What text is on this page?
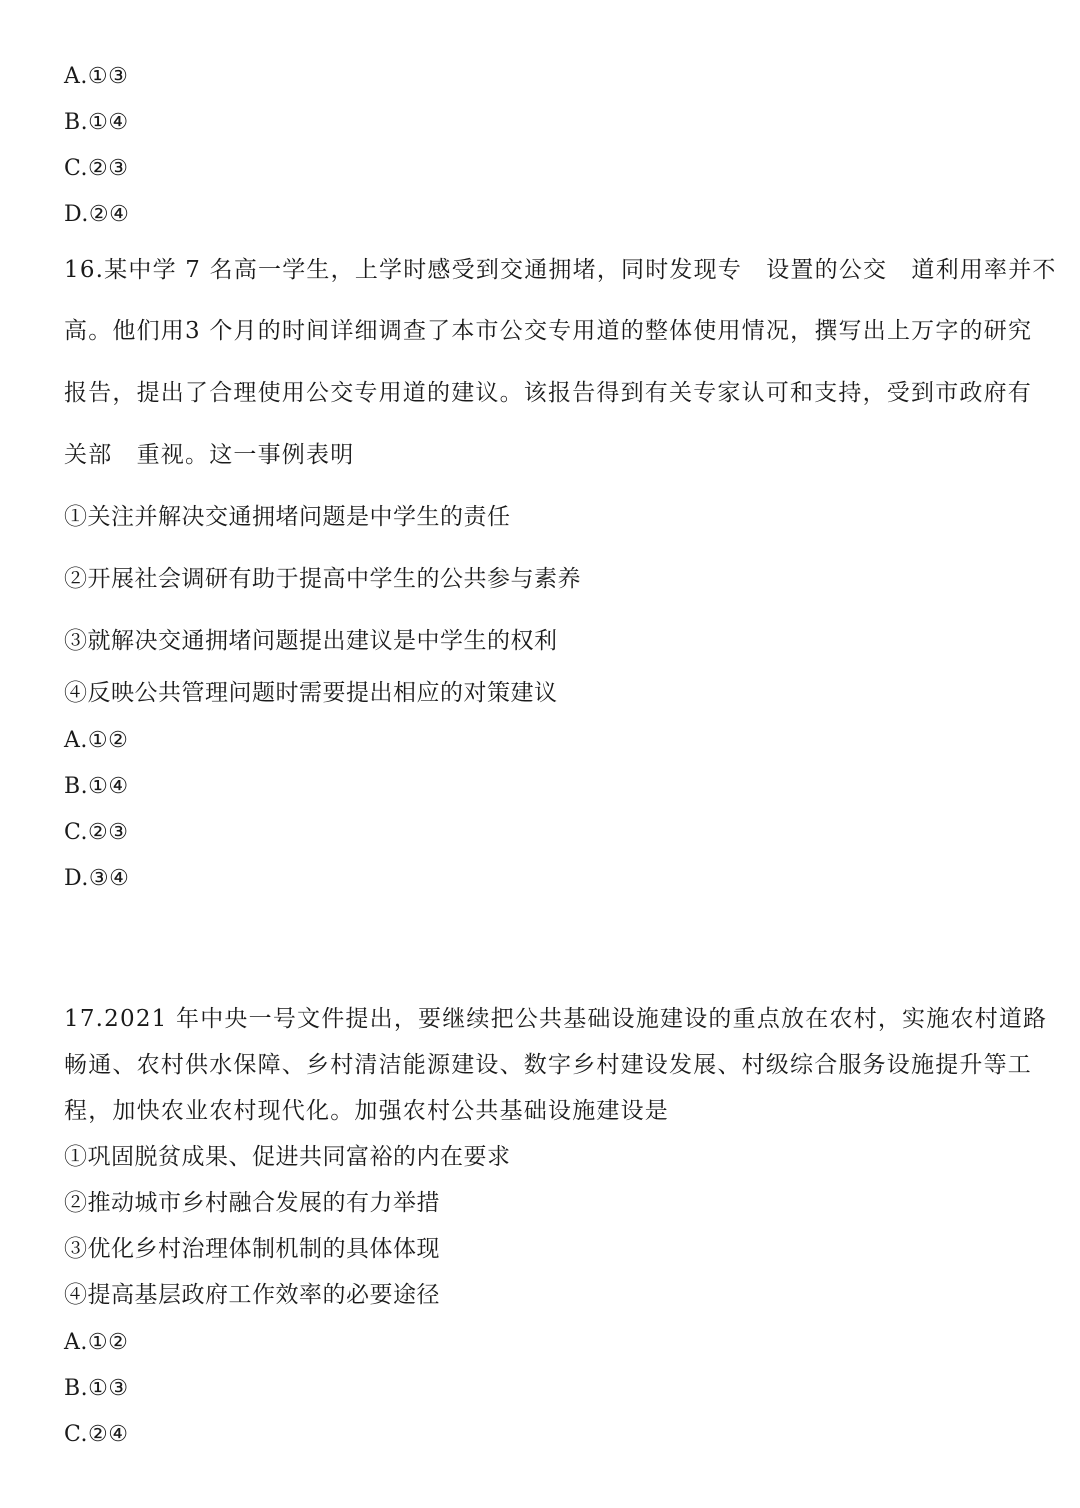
A.①③
B.①④
C.②③
D.②④
16.某中学 7 名高一学生，上学时感受到交通拥堵，同时发现专　设置的公交　道利用率并不
高。他们用3 个月的时间详细调查了本市公交专用道的整体使用情况，撰写出上万字的研究
报告，提出了合理使用公交专用道的建议。该报告得到有关专家认可和支持，受到市政府有
关部　重视。这一事例表明
①关注并解决交通拥堵问题是中学生的责任
②开展社会调研有助于提高中学生的公共参与素养
③就解决交通拥堵问题提出建议是中学生的权利
④反映公共管理问题时需要提出相应的对策建议
A.①②
B.①④
C.②③
D.③④
17.2021 年中央一号文件提出，要继续把公共基础设施建设的重点放在农村，实施农村道路
畅通、农村供水保障、乡村清洁能源建设、数字乡村建设发展、村级综合服务设施提升等工
程，加快农业农村现代化。加强农村公共基础设施建设是
①巩固脱贫成果、促进共同富裕的内在要求
②推动城市乡村融合发展的有力举措
③优化乡村治理体制机制的具体体现
④提高基层政府工作效率的必要途径
A.①②
B.①③
C.②④
